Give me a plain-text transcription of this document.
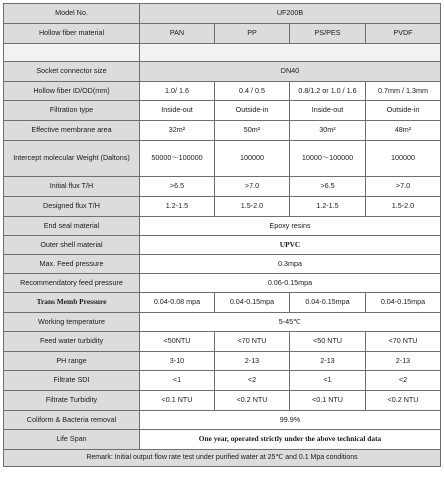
Model No.	UF200B			
Hollow fiber material	PAN	PP	PS/PES	PVDF

Socket connector size	DN40			
Hollow fiber ID/OD(mm)	1.0/ 1.6	0.4 / 0.5	0.8/1.2 or 1.0 / 1.6	0.7mm / 1.3mm
Filtration type	Inside-out	Outside-in	Inside-out	Outside-in
Effective membrane area	32m²	50m²	30m²	48m²
Intercept molecular Weight (Daltons)	50000～100000	100000	10000～100000	100000
Initial flux T/H	>6.5	>7.0	>6.5	>7.0
Designed flux T/H	1.2-1.5	1.5-2.0	1.2-1.5	1.5-2.0
End seal material	Epoxy resins			
Outer shell material	UPVC			
Max. Feed pressure	0.3mpa			
Recommendatory feed pressure	0.06-0.15mpa			
Trans Memb Pressure	0.04-0.08 mpa	0.04-0.15mpa	0.04-0.15mpa	0.04-0.15mpa
Working temperature	5-45℃			
Feed water turbidity	<50NTU	<70 NTU	<50 NTU	<70 NTU
PH range	3-10	2-13	2-13	2-13
Filtrate SDI	<1	<2	<1	<2
Filtrate Turbidity	<0.1 NTU	<0.2 NTU	<0.1 NTU	<0.2 NTU
Coliform & Bacteria removal	99.9%			
Life Span	One year, operated strictly under the above technical data			
Remark: Initial output flow rate test under purified water at 25℃ and 0.1 Mpa conditions				
